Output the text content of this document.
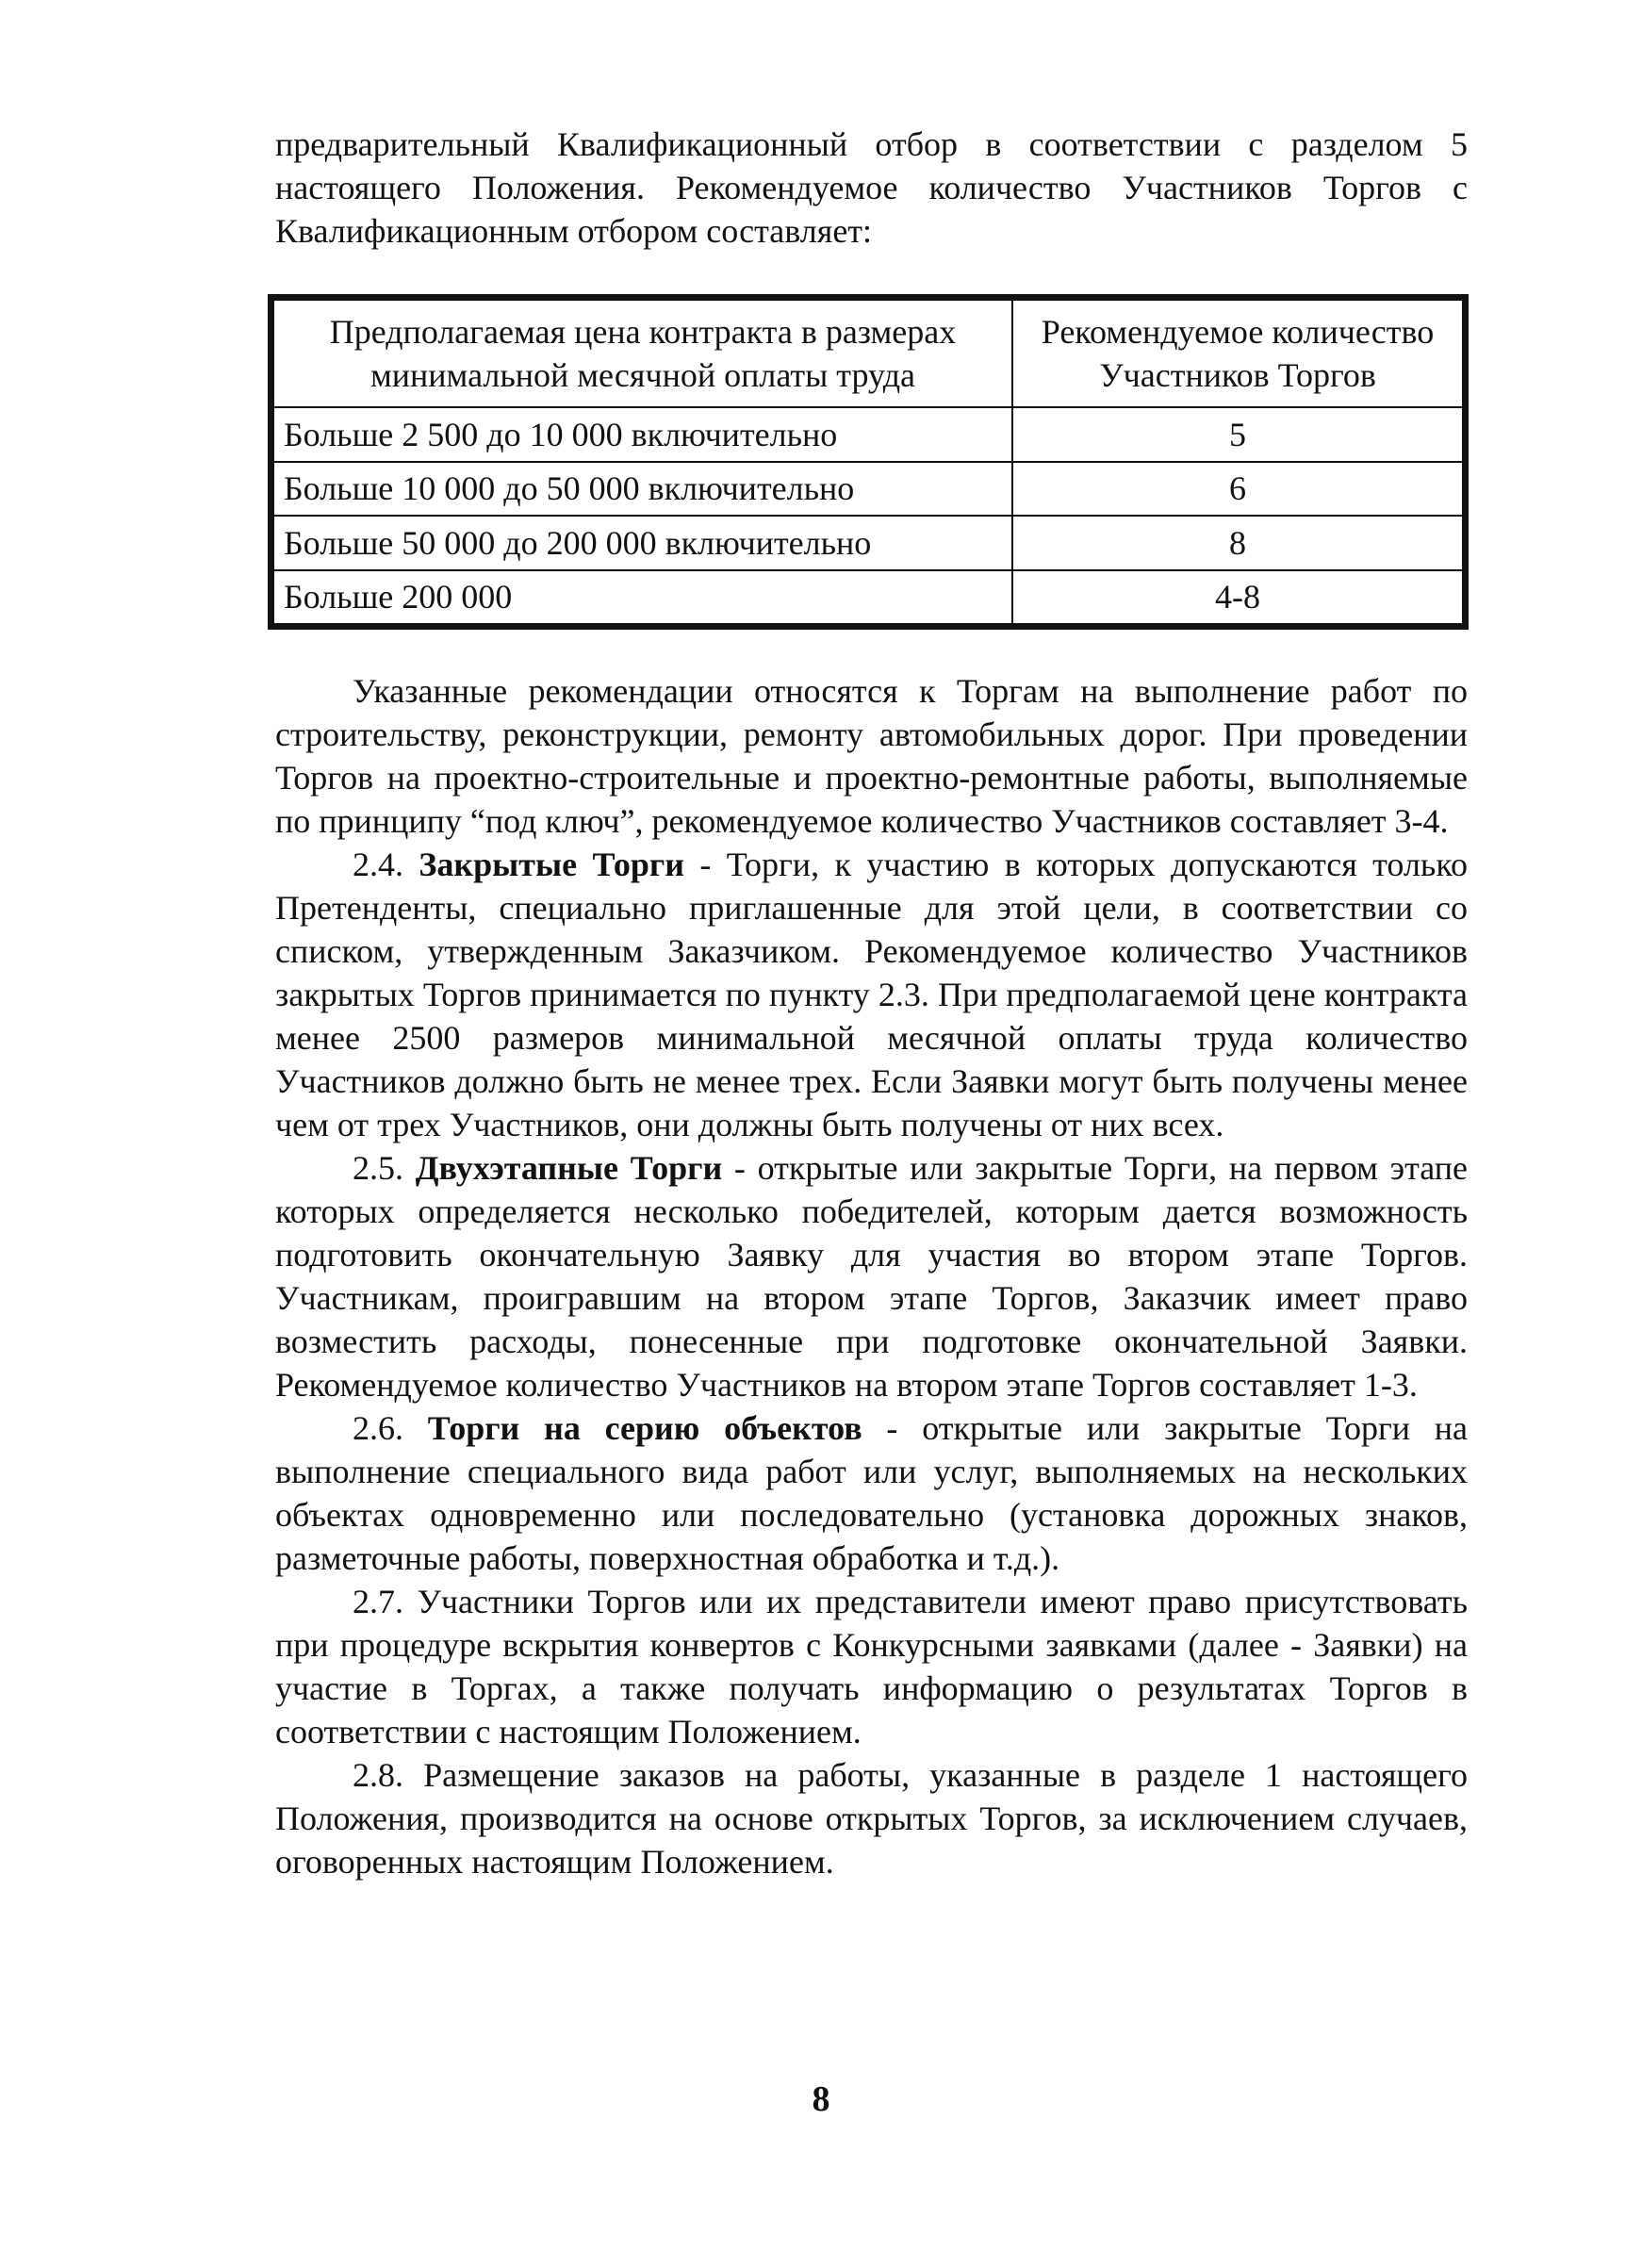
предварительный Квалификационный отбор в соответствии с разделом 5 настоящего Положения. Рекомендуемое количество Участников Торгов с Квалификационным отбором составляет:

Предполагаемая цена контракта в размерах минимальной месячной оплаты труда	Рекомендуемое количество Участников Торгов
Больше 2 500 до 10 000 включительно	5
Больше 10 000 до 50 000 включительно	6
Больше 50 000 до 200 000 включительно	8
Больше 200 000	4-8

Указанные рекомендации относятся к Торгам на выполнение работ по строительству, реконструкции, ремонту автомобильных дорог. При проведении Торгов на проектно-строительные и проектно-ремонтные работы, выполняемые по принципу “под ключ”, рекомендуемое количество Участников составляет 3-4.

2.4. Закрытые Торги - Торги, к участию в которых допускаются только Претенденты, специально приглашенные для этой цели, в соответствии со списком, утвержденным Заказчиком. Рекомендуемое количество Участников закрытых Торгов принимается по пункту 2.3. При предполагаемой цене контракта менее 2500 размеров минимальной месячной оплаты труда количество Участников должно быть не менее трех. Если Заявки могут быть получены менее чем от трех Участников, они должны быть получены от них всех.

2.5. Двухэтапные Торги - открытые или закрытые Торги, на первом этапе которых определяется несколько победителей, которым дается возможность подготовить окончательную Заявку для участия во втором этапе Торгов. Участникам, проигравшим на втором этапе Торгов, Заказчик имеет право возместить расходы, понесенные при подготовке окончательной Заявки. Рекомендуемое количество Участников на втором этапе Торгов составляет 1-3.

2.6. Торги на серию объектов - открытые или закрытые Торги на выполнение специального вида работ или услуг, выполняемых на нескольких объектах одновременно или последовательно (установка дорожных знаков, разметочные работы, поверхностная обработка и т.д.).

2.7. Участники Торгов или их представители имеют право присутствовать при процедуре вскрытия конвертов с Конкурсными заявками (далее - Заявки) на участие в Торгах, а также получать информацию о результатах Торгов в соответствии с настоящим Положением.

2.8. Размещение заказов на работы, указанные в разделе 1 настоящего Положения, производится на основе открытых Торгов, за исключением случаев, оговоренных настоящим Положением.

8
